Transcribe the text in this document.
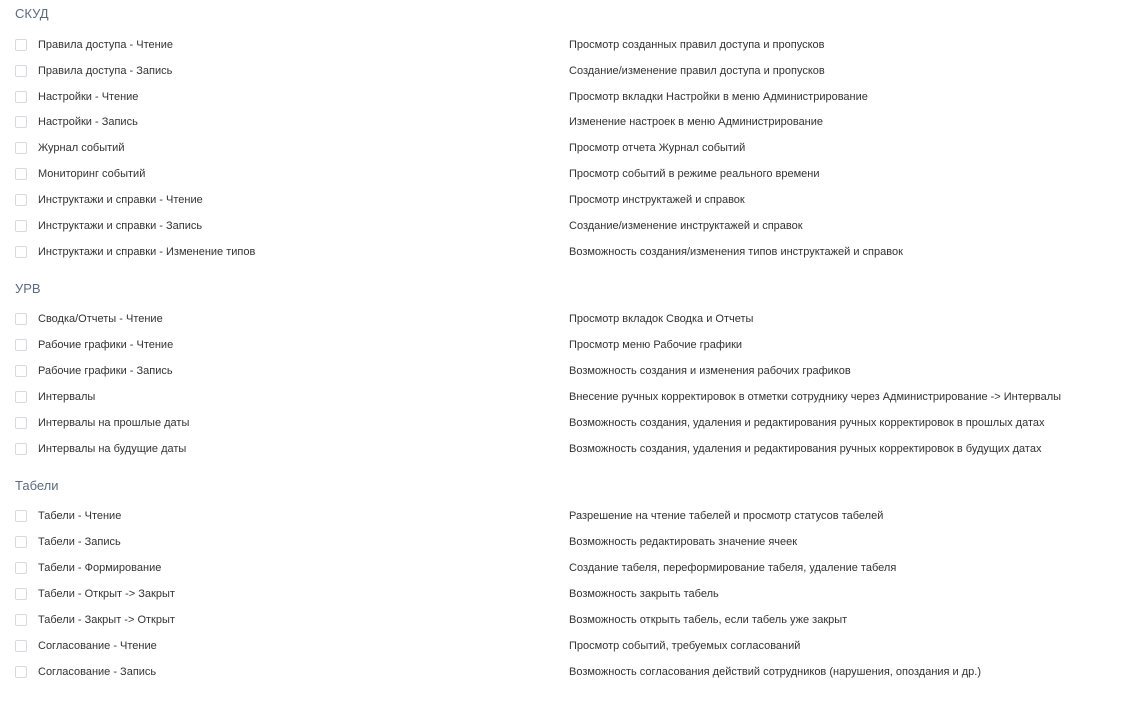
СКУД
Правила доступа - Чтение	Просмотр созданных правил доступа и пропусков
Правила доступа - Запись	Создание/изменение правил доступа и пропусков
Настройки - Чтение	Просмотр вкладки Настройки в меню Администрирование
Настройки - Запись	Изменение настроек в меню Администрирование
Журнал событий	Просмотр отчета Журнал событий
Мониторинг событий	Просмотр событий в режиме реального времени
Инструктажи и справки - Чтение	Просмотр инструктажей и справок
Инструктажи и справки - Запись	Создание/изменение инструктажей и справок
Инструктажи и справки - Изменение типов	Возможность создания/изменения типов инструктажей и справок
УРВ
Сводка/Отчеты - Чтение	Просмотр вкладок Сводка и Отчеты
Рабочие графики - Чтение	Просмотр меню Рабочие графики
Рабочие графики - Запись	Возможность создания и изменения рабочих графиков
Интервалы	Внесение ручных корректировок в отметки сотруднику через Администрирование -> Интервалы
Интервалы на прошлые даты	Возможность создания, удаления и редактирования ручных корректировок в прошлых датах
Интервалы на будущие даты	Возможность создания, удаления и редактирования ручных корректировок в будущих датах
Табели
Табели - Чтение	Разрешение на чтение табелей и просмотр статусов табелей
Табели - Запись	Возможность редактировать значение ячеек
Табели - Формирование	Создание табеля, переформирование табеля, удаление табеля
Табели - Открыт -> Закрыт	Возможность закрыть табель
Табели - Закрыт -> Открыт	Возможность открыть табель, если табель уже закрыт
Согласование - Чтение	Просмотр событий, требуемых согласований
Согласование - Запись	Возможность согласования действий сотрудников (нарушения, опоздания и др.)
